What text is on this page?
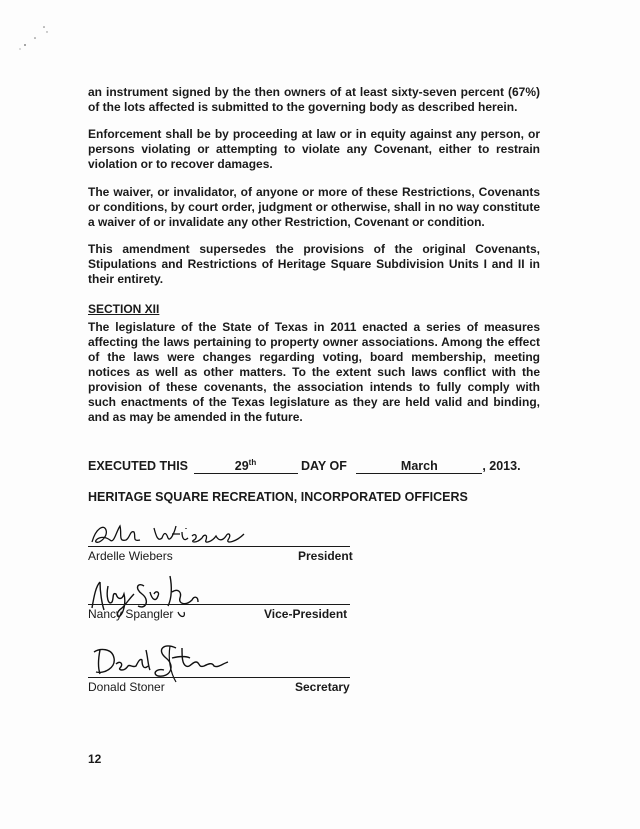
an instrument signed by the then owners of at least sixty-seven percent (67%) of the lots affected is submitted to the governing body as described herein.

Enforcement shall be by proceeding at law or in equity against any person, or persons violating or attempting to violate any Covenant, either to restrain violation or to recover damages.

The waiver, or invalidator, of anyone or more of these Restrictions, Covenants or conditions, by court order, judgment or otherwise, shall in no way constitute a waiver of or invalidate any other Restriction, Covenant or condition.

This amendment supersedes the provisions of the original Covenants, Stipulations and Restrictions of Heritage Square Subdivision Units I and II in their entirety.

SECTION XII

The legislature of the State of Texas in 2011 enacted a series of measures affecting the laws pertaining to property owner associations. Among the effect of the laws were changes regarding voting, board membership, meeting notices as well as other matters. To the extent such laws conflict with the provision of these covenants, the association intends to fully comply with such enactments of the Texas legislature as they are held valid and binding, and as may be amended in the future.

EXECUTED THIS	29th	DAY OF	March	, 2013.
HERITAGE SQUARE RECREATION, INCORPORATED OFFICERS
Ardelle Wiebers	President
Nancy Spangler	Vice-President
Donald Stoner	Secretary
12
